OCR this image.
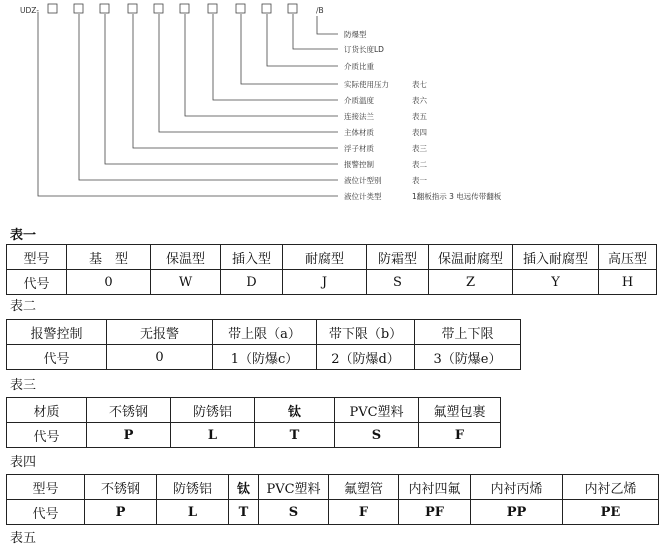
UDZ-	/B
防爆型
订货长度LD
介质比重
实际使用压力	表七
介质温度	表六
连接法兰	表五
主体材质	表四
浮子材质	表三
报警控制	表二
液位计型别	表一
液位计类型	1翻板指示 3 电远传带翻板
表一
型号	基　型	保温型	插入型	耐腐型	防霜型	保温耐腐型	插入耐腐型	高压型
代号	0	W	D	J	S	Z	Y	H
表二
报警控制	无报警	带上限（a）	带下限（b）	带上下限
代号	0	1（防爆c）	2（防爆d）	3（防爆e）
表三
材质	不锈钢	防锈铝	钛	PVC塑料	氟塑包裹
代号	P	L	T	S	F
表四
型号	不锈钢	防锈铝	钛	PVC塑料	氟塑管	内衬四氟	内衬丙烯	内衬乙烯
代号	P	L	T	S	F	PF	PP	PE
表五
